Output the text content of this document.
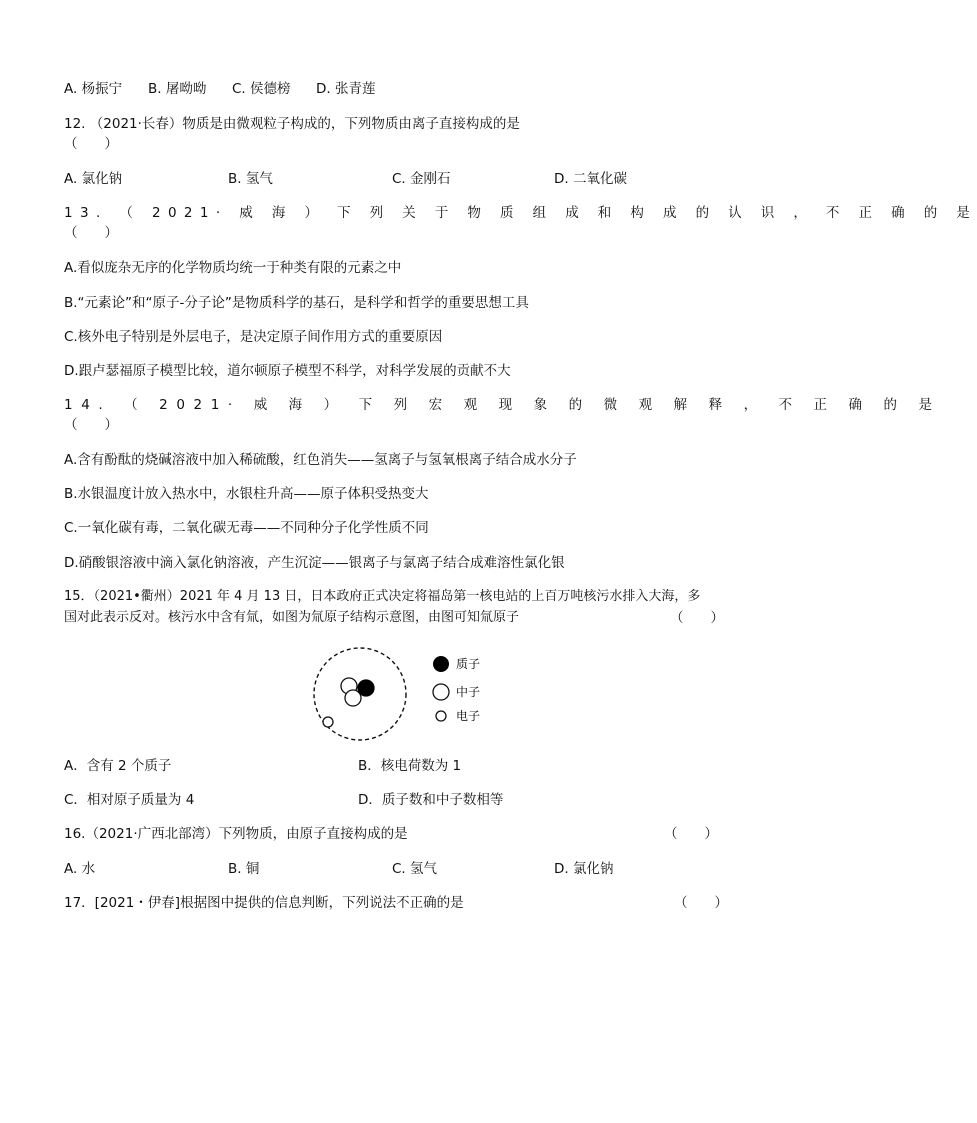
A. 杨振宁 B. 屠呦呦 C. 侯德榜 D. 张青莲
12. （2021·长春）物质是由微观粒子构成的，下列物质由离子直接构成的是
（　　）
A. 氯化钠	B. 氢气	C. 金刚石	D. 二氧化碳
13. （ 2021· 威 海 ） 下 列 关 于 物 质 组 成 和 构 成 的 认 识 ， 不 正 确 的 是
（　　）
A.看似庞杂无序的化学物质均统一于种类有限的元素之中
B.“元素论”和“原子-分子论”是物质科学的基石，是科学和哲学的重要思想工具
C.核外电子特别是外层电子，是决定原子间作用方式的重要原因
D.跟卢瑟福原子模型比较，道尔顿原子模型不科学，对科学发展的贡献不大
14. （ 2021· 威 海 ） 下 列 宏 观 现 象 的 微 观 解 释 ， 不 正 确 的 是
（　　）
A.含有酚酞的烧碱溶液中加入稀硫酸，红色消失——氢离子与氢氧根离子结合成水分子
B.水银温度计放入热水中，水银柱升高——原子体积受热变大
C.一氧化碳有毒，二氧化碳无毒——不同种分子化学性质不同
D.硝酸银溶液中滴入氯化钠溶液，产生沉淀——银离子与氯离子结合成难溶性氯化银
15．（2021•衢州）2021 年 4 月 13 日，日本政府正式决定将福岛第一核电站的上百万吨核污水排入大海，多
国对此表示反对。核污水中含有氚，如图为氚原子结构示意图，由图可知氚原子	（　　）
质子
中子
电子
A．含有 2 个质子	B．核电荷数为 1
C．相对原子质量为 4	D．质子数和中子数相等
16.（2021·广西北部湾）下列物质，由原子直接构成的是	（　　）
A. 水	B. 铜	C. 氢气	D. 氯化钠
17．[2021・伊春]根据图中提供的信息判断，下列说法不正确的是	（　　）
